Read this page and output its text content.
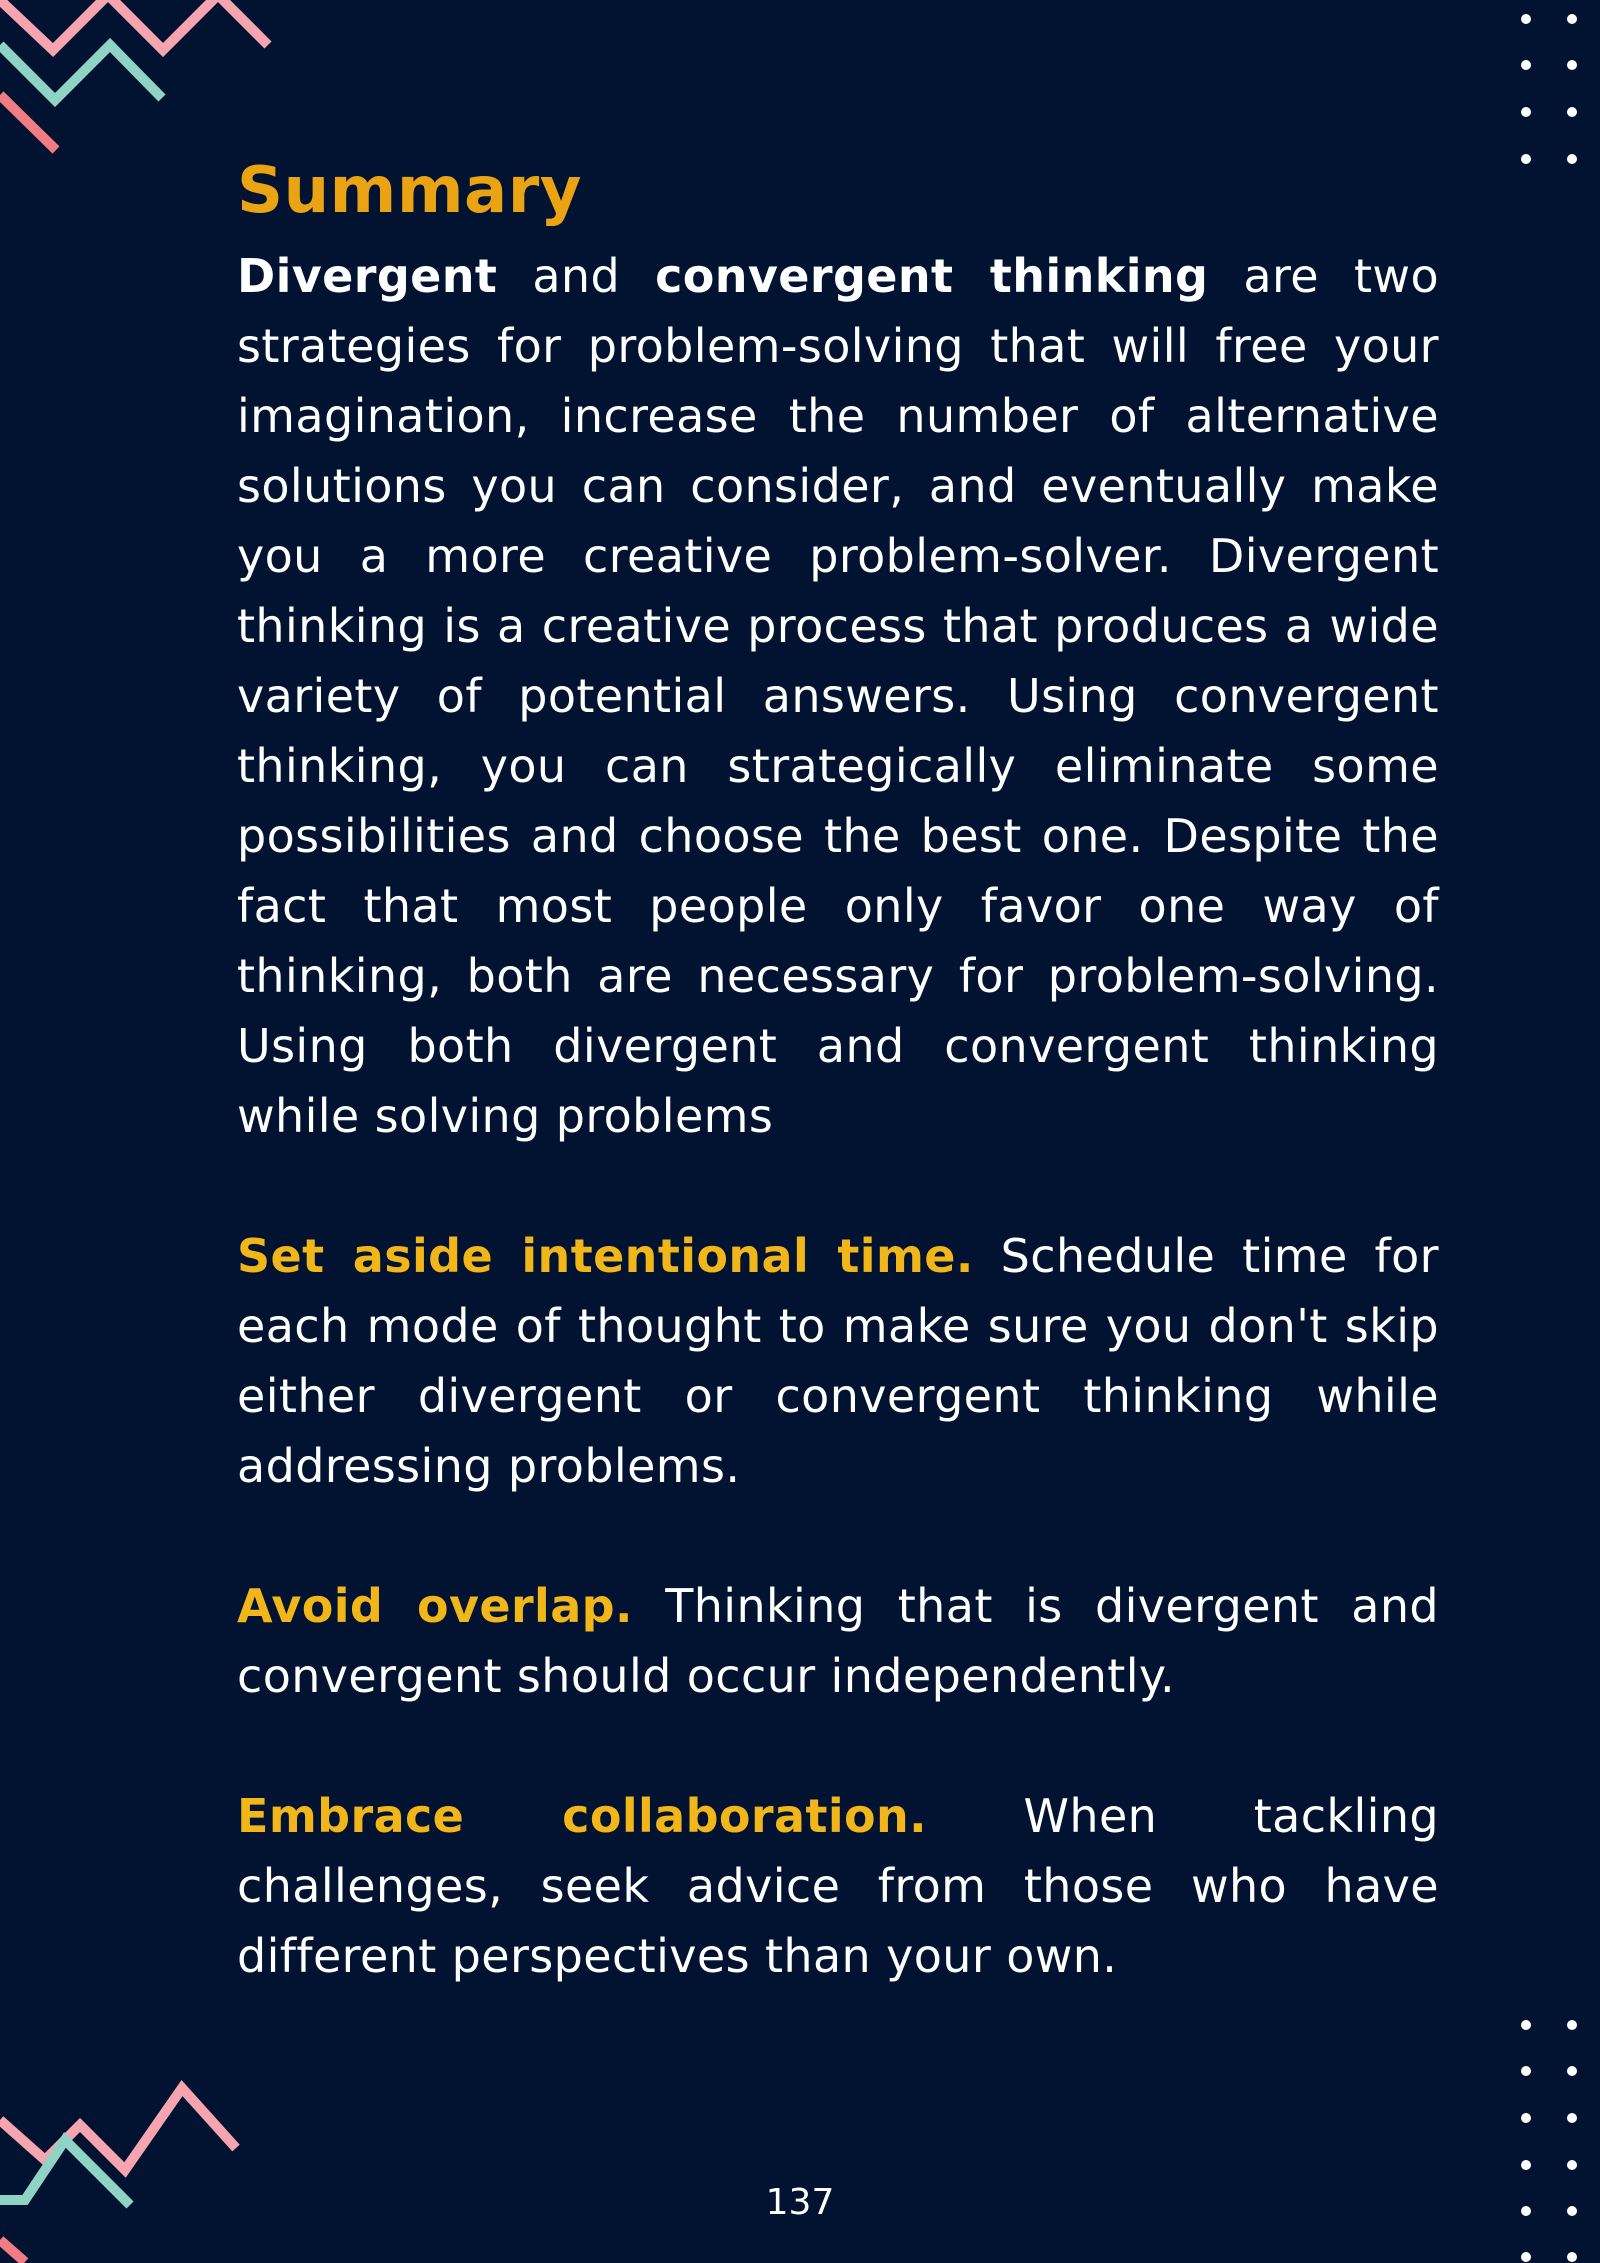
Summary

Divergent and convergent thinking are two strategies for problem-solving that will free your imagination, increase the number of alternative solutions you can consider, and eventually make you a more creative problem-solver. Divergent thinking is a creative process that produces a wide variety of potential answers. Using convergent thinking, you can strategically eliminate some possibilities and choose the best one. Despite the fact that most people only favor one way of thinking, both are necessary for problem-solving. Using both divergent and convergent thinking while solving problems

Set aside intentional time. Schedule time for each mode of thought to make sure you don't skip either divergent or convergent thinking while addressing problems.

Avoid overlap. Thinking that is divergent and convergent should occur independently.

Embrace collaboration. When tackling challenges, seek advice from those who have different perspectives than your own.

137
